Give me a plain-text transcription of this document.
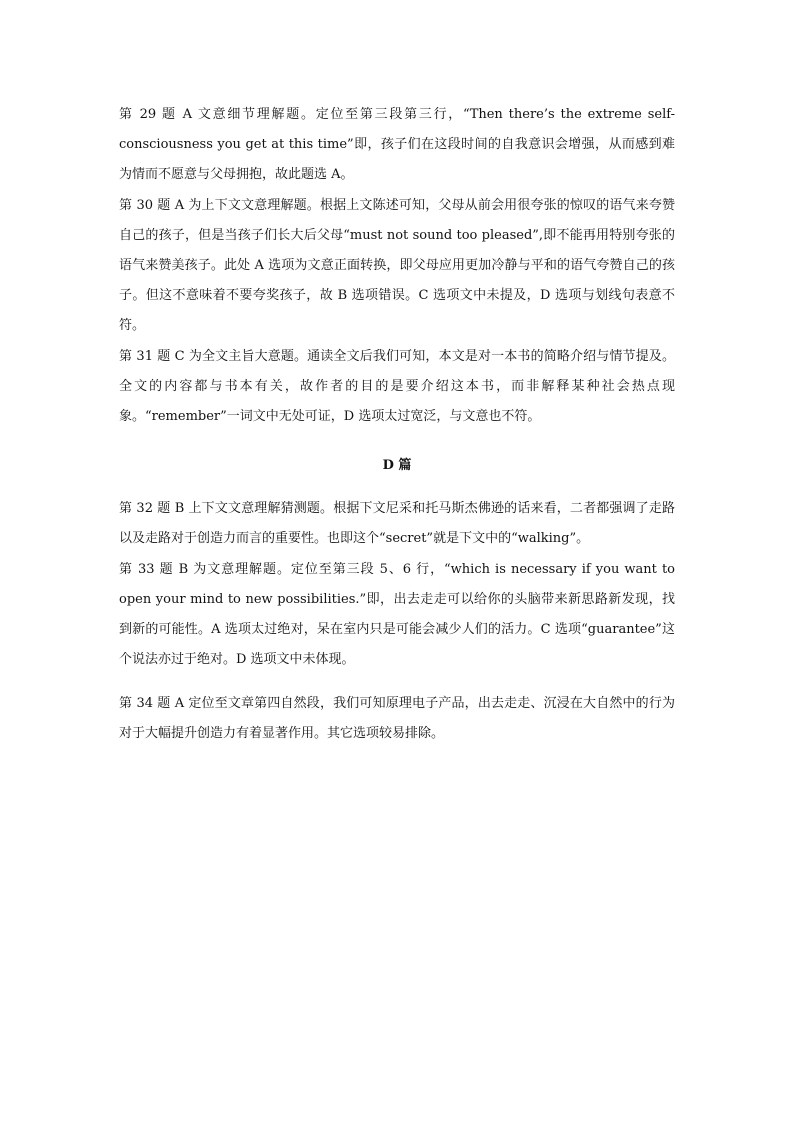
第 29 题 A 文意细节理解题。定位至第三段第三行，“Then there’s the extreme self-consciousness you get at this time”即，孩子们在这段时间的自我意识会增强，从而感到难为情而不愿意与父母拥抱，故此题选 A。

第 30 题 A 为上下文文意理解题。根据上文陈述可知，父母从前会用很夸张的惊叹的语气来夸赞自己的孩子，但是当孩子们长大后父母“must not sound too pleased”,即不能再用特别夸张的语气来赞美孩子。此处 A 选项为文意正面转换，即父母应用更加冷静与平和的语气夸赞自己的孩子。但这不意味着不要夸奖孩子，故 B 选项错误。C 选项文中未提及，D 选项与划线句表意不符。

第 31 题 C 为全文主旨大意题。通读全文后我们可知，本文是对一本书的简略介绍与情节提及。全文的内容都与书本有关，故作者的目的是要介绍这本书，而非解释某种社会热点现象。“remember”一词文中无处可证，D 选项太过宽泛，与文意也不符。

D 篇

第 32 题 B 上下文文意理解猜测题。根据下文尼采和托马斯杰佛逊的话来看，二者都强调了走路以及走路对于创造力而言的重要性。也即这个“secret”就是下文中的“walking”。

第 33 题 B 为文意理解题。定位至第三段 5、6 行，“which is necessary if you want to open your mind to new possibilities.”即，出去走走可以给你的头脑带来新思路新发现，找到新的可能性。A 选项太过绝对，呆在室内只是可能会减少人们的活力。C 选项“guarantee”这个说法亦过于绝对。D 选项文中未体现。

第 34 题 A 定位至文章第四自然段，我们可知原理电子产品，出去走走、沉浸在大自然中的行为对于大幅提升创造力有着显著作用。其它选项较易排除。
